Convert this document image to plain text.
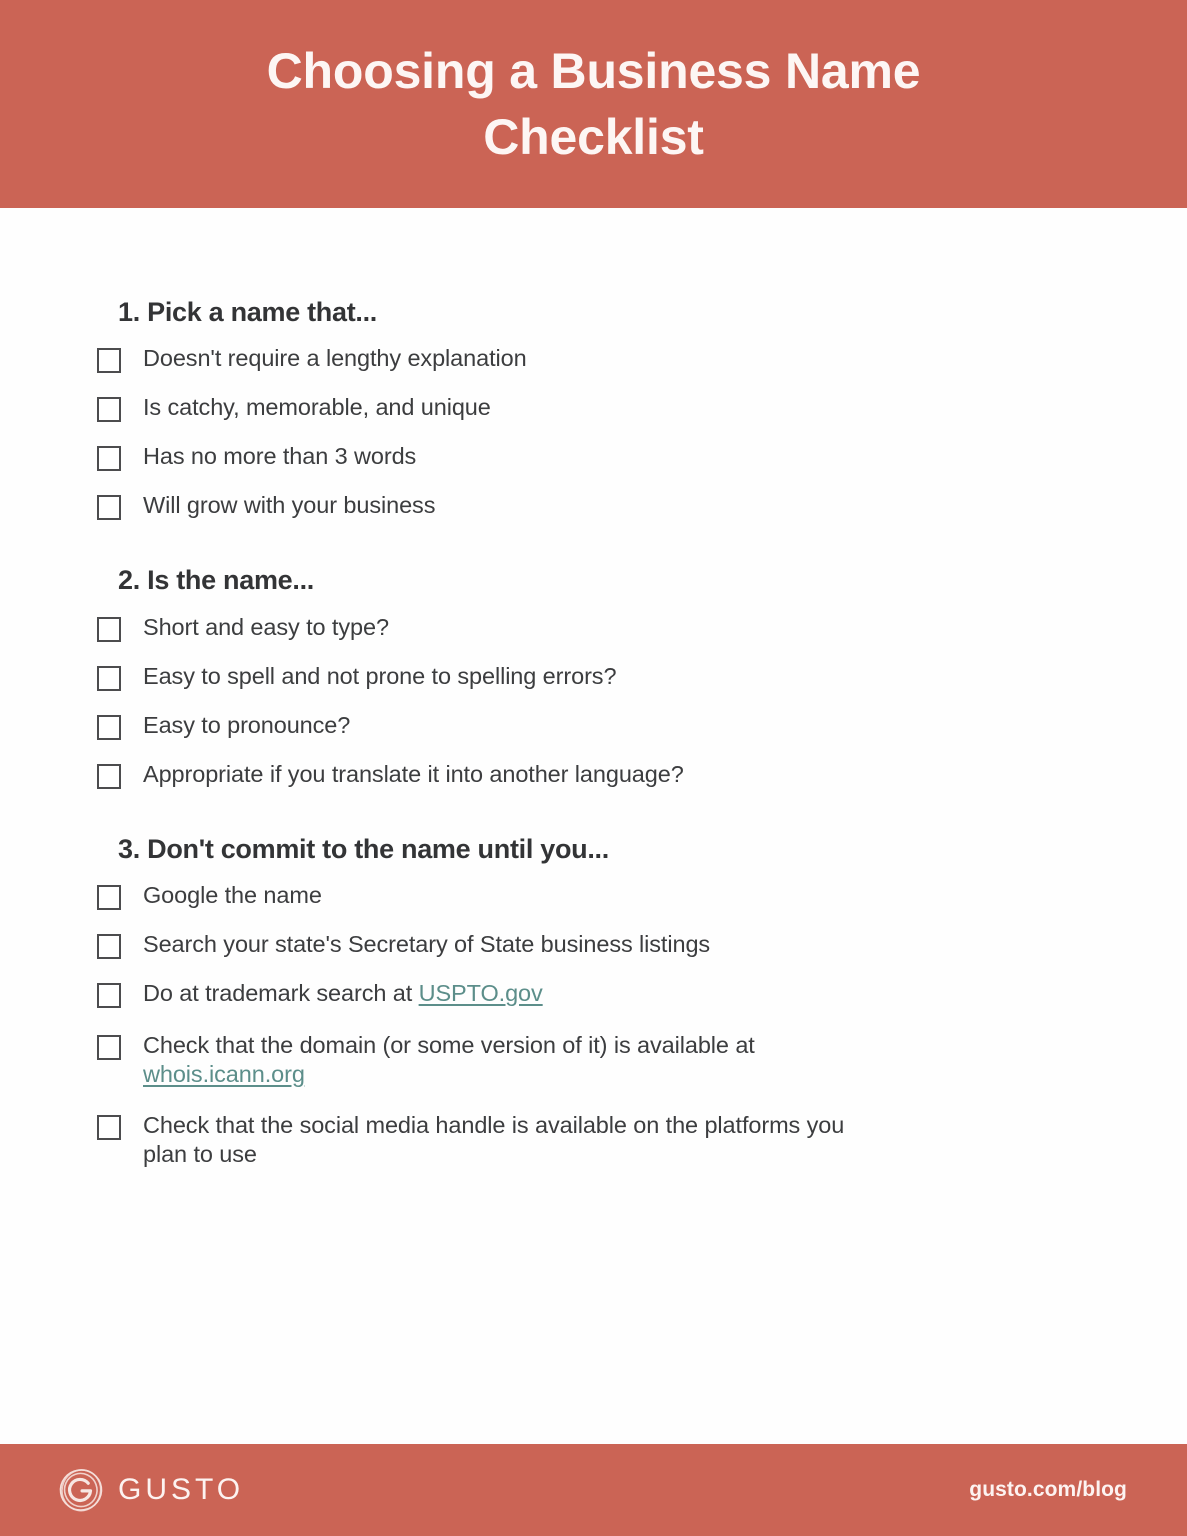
Choosing a Business Name Checklist
1. Pick a name that...
Doesn't require a lengthy explanation
Is catchy, memorable, and unique
Has no more than 3 words
Will grow with your business
2. Is the name...
Short and easy to type?
Easy to spell and not prone to spelling errors?
Easy to pronounce?
Appropriate if you translate it into another language?
3. Don't commit to the name until you...
Google the name
Search your state's Secretary of State business listings
Do at trademark search at USPTO.gov
Check that the domain (or some version of it) is available at whois.icann.org
Check that the social media handle is available on the platforms you plan to use
GUSTO	gusto.com/blog
